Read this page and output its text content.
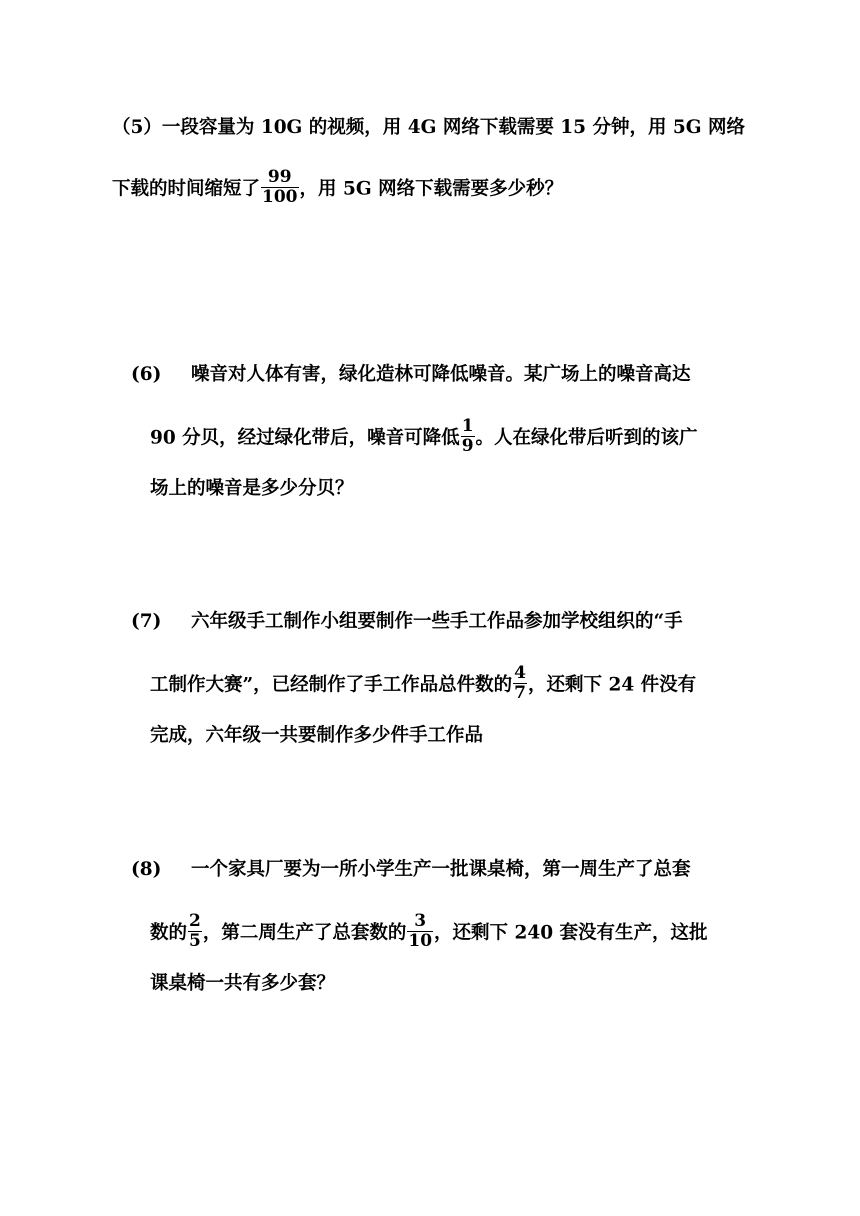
（5）一段容量为 10G 的视频，用 4G 网络下载需要 15 分钟，用 5G 网络
下载的时间缩短了 $\frac{99}{100}$ ，用 5G 网络下载需要多少秒？
(6) 噪音对人体有害，绿化造林可降低噪音。某广场上的噪音高达
90 分贝，经过绿化带后，噪音可降低 $\frac{1}{9}$ 。人在绿化带后听到的该广
场上的噪音是多少分贝？
(7) 六年级手工制作小组要制作一些手工作品参加学校组织的“手
工制作大赛”，已经制作了手工作品总件数的 $\frac{4}{7}$ ，还剩下 24 件没有
完成，六年级一共要制作多少件手工作品
(8) 一个家具厂要为一所小学生产一批课桌椅，第一周生产了总套
数的 $\frac{2}{5}$ ，第二周生产了总套数的 $\frac{3}{10}$ ，还剩下 240 套没有生产，这批
课桌椅一共有多少套？
